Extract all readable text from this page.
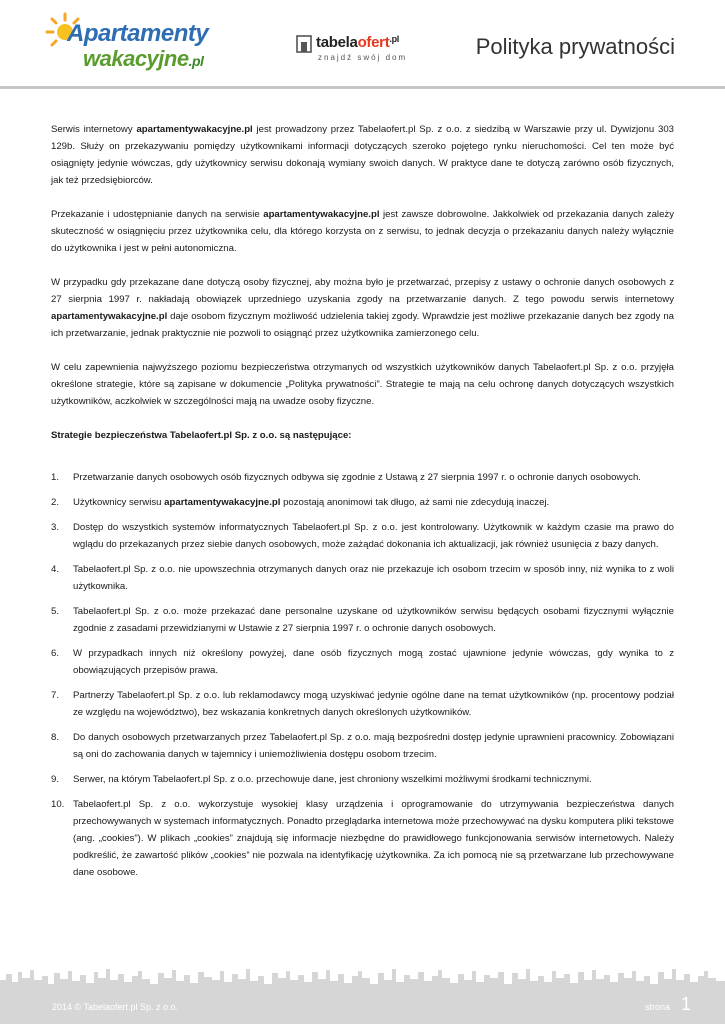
Apartamenty
wakacyjne.pl
tabelaofert$^{.pl}$
znajdź swój dom	Polityka prywatności

Serwis internetowy apartamentywakacyjne.pl jest prowadzony przez Tabelaofert.pl Sp. z o.o. z siedzibą w Warszawie przy ul. Dywizjonu 303 129b. Służy on przekazywaniu pomiędzy użytkownikami informacji dotyczących szeroko pojętego rynku nieruchomości. Cel ten może być osiągnięty jedynie wówczas, gdy użytkownicy serwisu dokonają wymiany swoich danych. W praktyce dane te dotyczą zarówno osób fizycznych, jak też przedsiębiorców.

Przekazanie i udostępnianie danych na serwisie apartamentywakacyjne.pl jest zawsze dobrowolne. Jakkolwiek od przekazania danych zależy skuteczność w osiągnięciu przez użytkownika celu, dla którego korzysta on z serwisu, to jednak decyzja o przekazaniu danych należy wyłącznie do użytkownika i jest w pełni autonomiczna.

W przypadku gdy przekazane dane dotyczą osoby fizycznej, aby można było je przetwarzać, przepisy z ustawy o ochronie danych osobowych z 27 sierpnia 1997 r. nakładają obowiązek uprzedniego uzyskania zgody na przetwarzanie danych. Z tego powodu serwis internetowy apartamentywakacyjne.pl daje osobom fizycznym możliwość udzielenia takiej zgody. Wprawdzie jest możliwe przekazanie danych bez zgody na ich przetwarzanie, jednak praktycznie nie pozwoli to osiągnąć przez użytkownika zamierzonego celu.

W celu zapewnienia najwyższego poziomu bezpieczeństwa otrzymanych od wszystkich użytkowników danych Tabelaofert.pl Sp. z o.o. przyjęła określone strategie, które są zapisane w dokumencie „Polityka prywatności”. Strategie te mają na celu ochronę danych dotyczących wszystkich użytkowników, aczkolwiek w szczególności mają na uwadze osoby fizyczne.

Strategie bezpieczeństwa Tabelaofert.pl Sp. z o.o. są następujące:

1. Przetwarzanie danych osobowych osób fizycznych odbywa się zgodnie z Ustawą z 27 sierpnia 1997 r. o ochronie danych osobowych.
2. Użytkownicy serwisu apartamentywakacyjne.pl pozostają anonimowi tak długo, aż sami nie zdecydują inaczej.
3. Dostęp do wszystkich systemów informatycznych Tabelaofert.pl Sp. z o.o. jest kontrolowany. Użytkownik w każdym czasie ma prawo do wglądu do przekazanych przez siebie danych osobowych, może zażądać dokonania ich aktualizacji, jak również usunięcia z bazy danych.
4. Tabelaofert.pl Sp. z o.o. nie upowszechnia otrzymanych danych oraz nie przekazuje ich osobom trzecim w sposób inny, niż wynika to z woli użytkownika.
5. Tabelaofert.pl Sp. z o.o. może przekazać dane personalne uzyskane od użytkowników serwisu będących osobami fizycznymi wyłącznie zgodnie z zasadami przewidzianymi w Ustawie z 27 sierpnia 1997 r. o ochronie danych osobowych.
6. W przypadkach innych niż określony powyżej, dane osób fizycznych mogą zostać ujawnione jedynie wówczas, gdy wynika to z obowiązujących przepisów prawa.
7. Partnerzy Tabelaofert.pl Sp. z o.o. lub reklamodawcy mogą uzyskiwać jedynie ogólne dane na temat użytkowników (np. procentowy podział ze względu na województwo), bez wskazania konkretnych danych określonych użytkowników.
8. Do danych osobowych przetwarzanych przez Tabelaofert.pl Sp. z o.o. mają bezpośredni dostęp jedynie uprawnieni pracownicy. Zobowiązani są oni do zachowania danych w tajemnicy i uniemożliwienia dostępu osobom trzecim.
9. Serwer, na którym Tabelaofert.pl Sp. z o.o. przechowuje dane, jest chroniony wszelkimi możliwymi środkami technicznymi.
10. Tabelaofert.pl Sp. z o.o. wykorzystuje wysokiej klasy urządzenia i oprogramowanie do utrzymywania bezpieczeństwa danych przechowywanych w systemach informatycznych. Ponadto przeglądarka internetowa może przechowywać na dysku komputera pliki tekstowe (ang. „cookies”). W plikach „cookies” znajdują się informacje niezbędne do prawidłowego funkcjonowania serwisów internetowych. Należy podkreślić, że zawartość plików „cookies” nie pozwala na identyfikację użytkownika. Za ich pomocą nie są przetwarzane lub przechowywane dane osobowe.
2014 © Tabelaofert.pl Sp. z o.o.	strona 1
